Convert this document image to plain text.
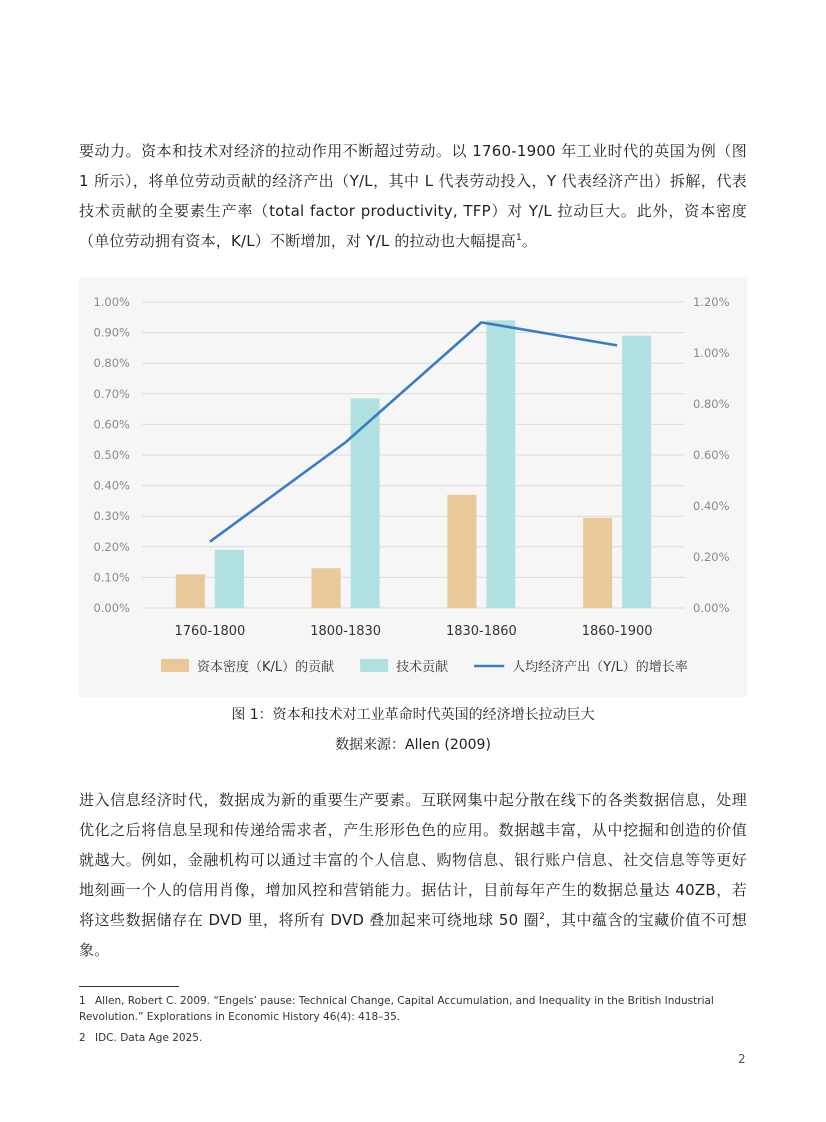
要动力。资本和技术对经济的拉动作用不断超过劳动。以 1760-1900 年工业时代的英国为例（图 1 所示），将单位劳动贡献的经济产出（Y/L，其中 L 代表劳动投入，Y 代表经济产出）拆解，代表技术贡献的全要素生产率（total factor productivity, TFP）对 Y/L 拉动巨大。此外，资本密度（单位劳动拥有资本，K/L）不断增加，对 Y/L 的拉动也大幅提高$^1$。

0.00%
0.10%
0.20%
0.30%
0.40%
0.50%
0.60%
0.70%
0.80%
0.90%
1.00%
0.00%
0.20%
0.40%
0.60%
0.80%
1.00%
1.20%
1760-1800	1800-1830	1830-1860	1860-1900
资本密度（K/L）的贡献	技术贡献	人均经济产出（Y/L）的增长率

图 1：资本和技术对工业革命时代英国的经济增长拉动巨大

数据来源：Allen (2009)

进入信息经济时代，数据成为新的重要生产要素。互联网集中起分散在线下的各类数据信息，处理优化之后将信息呈现和传递给需求者，产生形形色色的应用。数据越丰富，从中挖掘和创造的价值就越大。例如，金融机构可以通过丰富的个人信息、购物信息、银行账户信息、社交信息等等更好地刻画一个人的信用肖像，增加风控和营销能力。据估计，目前每年产生的数据总量达 40ZB，若将这些数据储存在 DVD 里，将所有 DVD 叠加起来可绕地球 50 圈$^2$，其中蕴含的宝藏价值不可想象。

1 Allen, Robert C. 2009. “Engels’ pause: Technical Change, Capital Accumulation, and Inequality in the British Industrial Revolution.” Explorations in Economic History 46(4): 418–35.

2 IDC. Data Age 2025.

2
